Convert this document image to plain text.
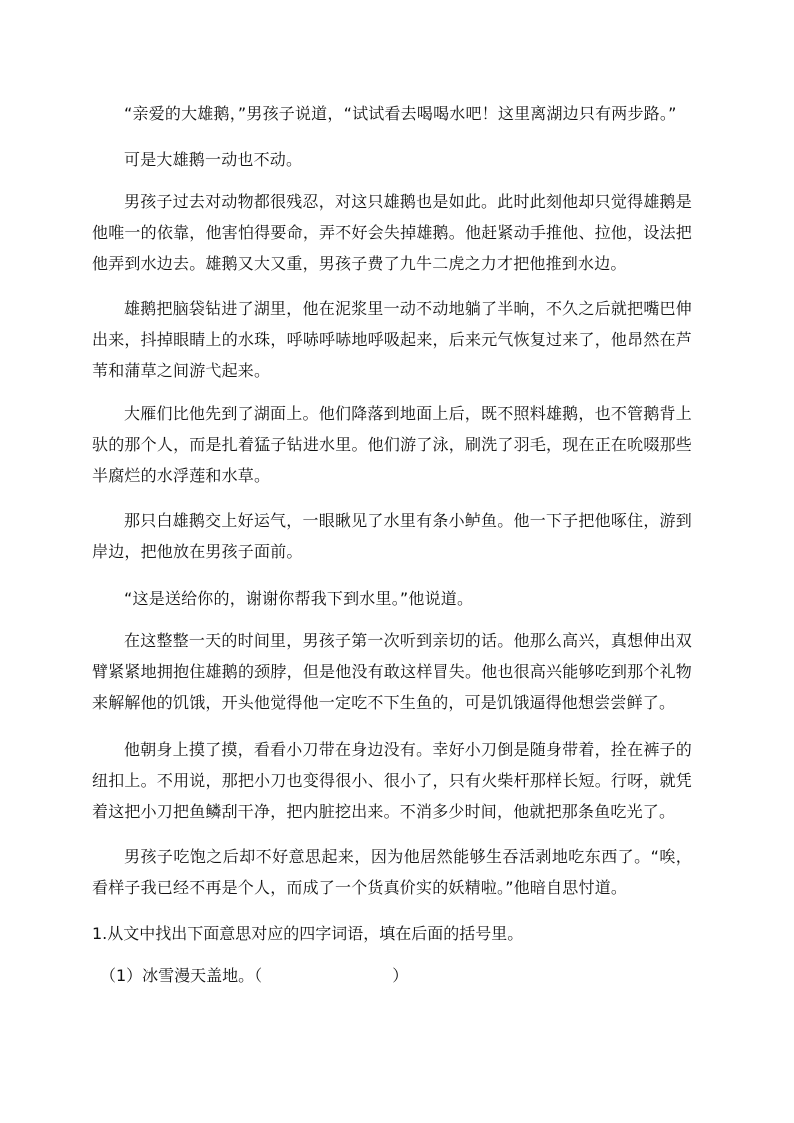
“亲爱的大雄鹅，”男孩子说道，“试试看去喝喝水吧！这里离湖边只有两步路。”

可是大雄鹅一动也不动。

男孩子过去对动物都很残忍，对这只雄鹅也是如此。此时此刻他却只觉得雄鹅是他唯一的依靠，他害怕得要命，弄不好会失掉雄鹅。他赶紧动手推他、拉他，设法把他弄到水边去。雄鹅又大又重，男孩子费了九牛二虎之力才把他推到水边。

雄鹅把脑袋钻进了湖里，他在泥浆里一动不动地躺了半晌，不久之后就把嘴巴伸出来，抖掉眼睛上的水珠，呼哧呼哧地呼吸起来，后来元气恢复过来了，他昂然在芦苇和蒲草之间游弋起来。

大雁们比他先到了湖面上。他们降落到地面上后，既不照料雄鹅，也不管鹅背上驮的那个人，而是扎着猛子钻进水里。他们游了泳，刷洗了羽毛，现在正在吮啜那些半腐烂的水浮莲和水草。

那只白雄鹅交上好运气，一眼瞅见了水里有条小鲈鱼。他一下子把他啄住，游到岸边，把他放在男孩子面前。

“这是送给你的，谢谢你帮我下到水里。”他说道。

在这整整一天的时间里，男孩子第一次听到亲切的话。他那么高兴，真想伸出双臂紧紧地拥抱住雄鹅的颈脖，但是他没有敢这样冒失。他也很高兴能够吃到那个礼物来解解他的饥饿，开头他觉得他一定吃不下生鱼的，可是饥饿逼得他想尝尝鲜了。

他朝身上摸了摸，看看小刀带在身边没有。幸好小刀倒是随身带着，拴在裤子的纽扣上。不用说，那把小刀也变得很小、很小了，只有火柴杆那样长短。行呀，就凭着这把小刀把鱼鳞刮干净，把内脏挖出来。不消多少时间，他就把那条鱼吃光了。

男孩子吃饱之后却不好意思起来，因为他居然能够生吞活剥地吃东西了。“唉，看样子我已经不再是个人，而成了一个货真价实的妖精啦。”他暗自思忖道。

1.从文中找出下面意思对应的四字词语，填在后面的括号里。

（1）冰雪漫天盖地。（	）
